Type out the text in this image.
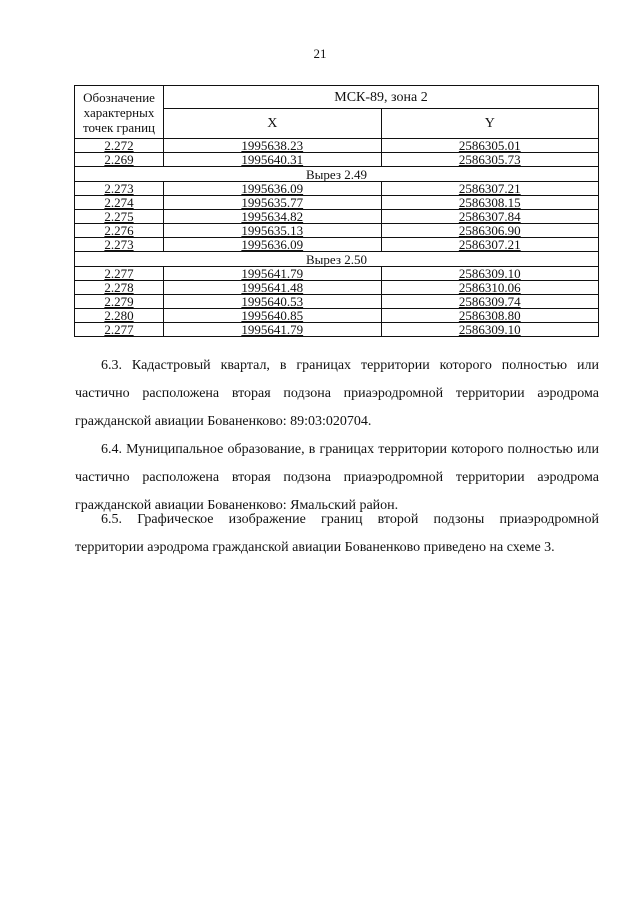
21
Обозначение характерных точек границ	МСК-89, зона 2	
	X	Y
2.272	1995638.23	2586305.01
2.269	1995640.31	2586305.73
Вырез 2.49		
2.273	1995636.09	2586307.21
2.274	1995635.77	2586308.15
2.275	1995634.82	2586307.84
2.276	1995635.13	2586306.90
2.273	1995636.09	2586307.21
Вырез 2.50		
2.277	1995641.79	2586309.10
2.278	1995641.48	2586310.06
2.279	1995640.53	2586309.74
2.280	1995640.85	2586308.80
2.277	1995641.79	2586309.10

6.3. Кадастровый квартал, в границах территории которого полностью или частично расположена вторая подзона приаэродромной территории аэродрома гражданской авиации Бованенково: 89:03:020704.

6.4. Муниципальное образование, в границах территории которого полностью или частично расположена вторая подзона приаэродромной территории аэродрома гражданской авиации Бованенково: Ямальский район.

6.5. Графическое изображение границ второй подзоны приаэродромной территории аэродрома гражданской авиации Бованенково приведено на схеме 3.
